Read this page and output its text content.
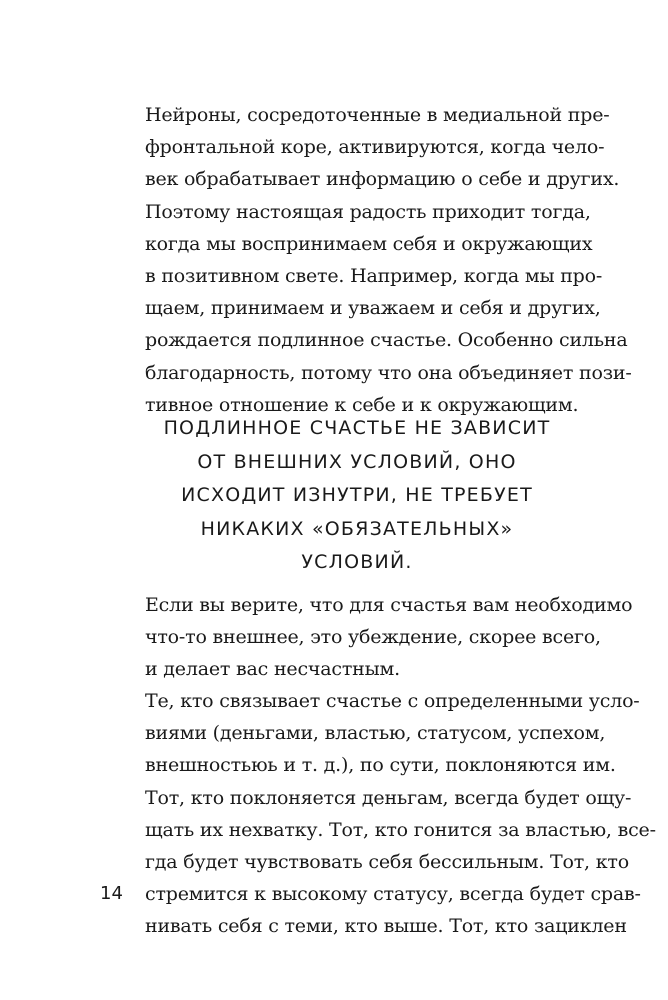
Нейроны, сосредоточенные в медиальной пре-
фронтальной коре, активируются, когда чело-
век обрабатывает информацию о себе и других.
Поэтому настоящая радость приходит тогда,
когда мы воспринимаем себя и окружающих
в позитивном свете. Например, когда мы про-
щаем, принимаем и уважаем и себя и других,
рождается подлинное счастье. Особенно сильна
благодарность, потому что она объединяет пози-
тивное отношение к себе и к окружающим.
ПОДЛИННОЕ СЧАСТЬЕ НЕ ЗАВИСИТ
ОТ ВНЕШНИХ УСЛОВИЙ, ОНО
ИСХОДИТ ИЗНУТРИ, НЕ ТРЕБУЕТ
НИКАКИХ «ОБЯЗАТЕЛЬНЫХ»
УСЛОВИЙ.
Если вы верите, что для счастья вам необходимо
что-то внешнее, это убеждение, скорее всего,
и делает вас несчастным.
Те, кто связывает счастье с определенными усло-
виями (деньгами, властью, статусом, успехом,
внешностьюь и т. д.), по сути, поклоняются им.
Тот, кто поклоняется деньгам, всегда будет ощу-
щать их нехватку. Тот, кто гонится за властью, все-
гда будет чувствовать себя бессильным. Тот, кто
стремится к высокому статусу, всегда будет срав-
нивать себя с теми, кто выше. Тот, кто зациклен
14
